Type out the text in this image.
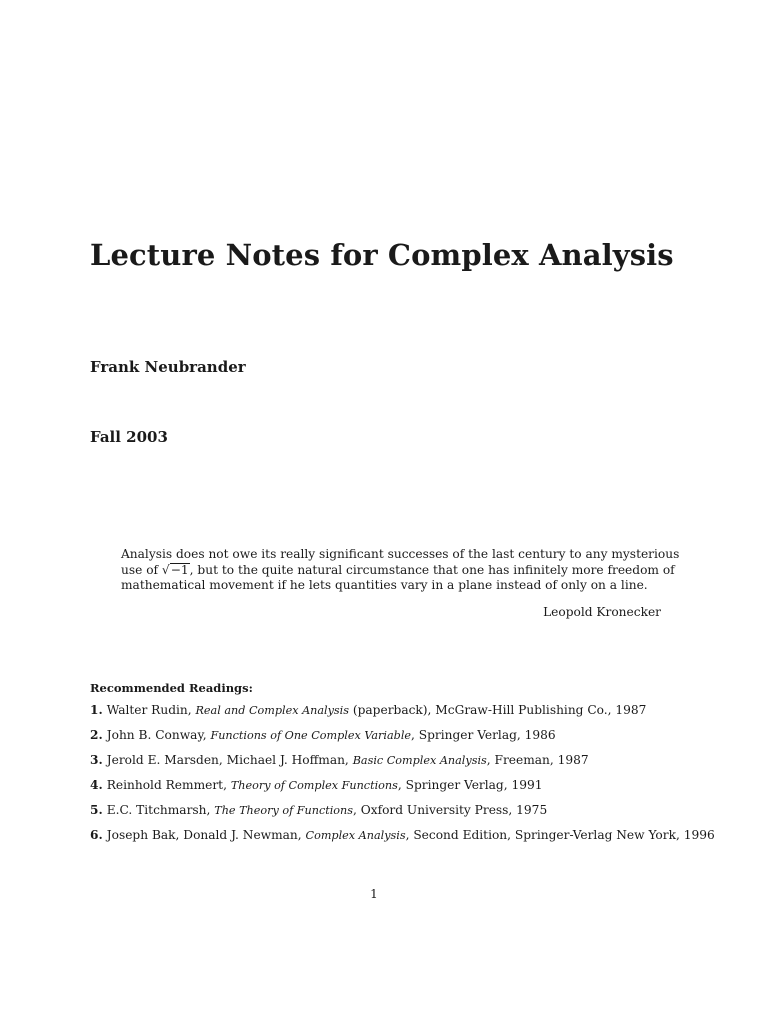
Lecture Notes for Complex Analysis
Frank Neubrander
Fall 2003
Analysis does not owe its really significant successes of the last century to any mysterious
use of √−1, but to the quite natural circumstance that one has infinitely more freedom of
mathematical movement if he lets quantities vary in a plane instead of only on a line.
Leopold Kronecker
Recommended Readings:
1. Walter Rudin, Real and Complex Analysis (paperback), McGraw-Hill Publishing Co., 1987
2. John B. Conway, Functions of One Complex Variable, Springer Verlag, 1986
3. Jerold E. Marsden, Michael J. Hoffman, Basic Complex Analysis, Freeman, 1987
4. Reinhold Remmert, Theory of Complex Functions, Springer Verlag, 1991
5. E.C. Titchmarsh, The Theory of Functions, Oxford University Press, 1975
6. Joseph Bak, Donald J. Newman, Complex Analysis, Second Edition, Springer-Verlag New York, 1996
1
